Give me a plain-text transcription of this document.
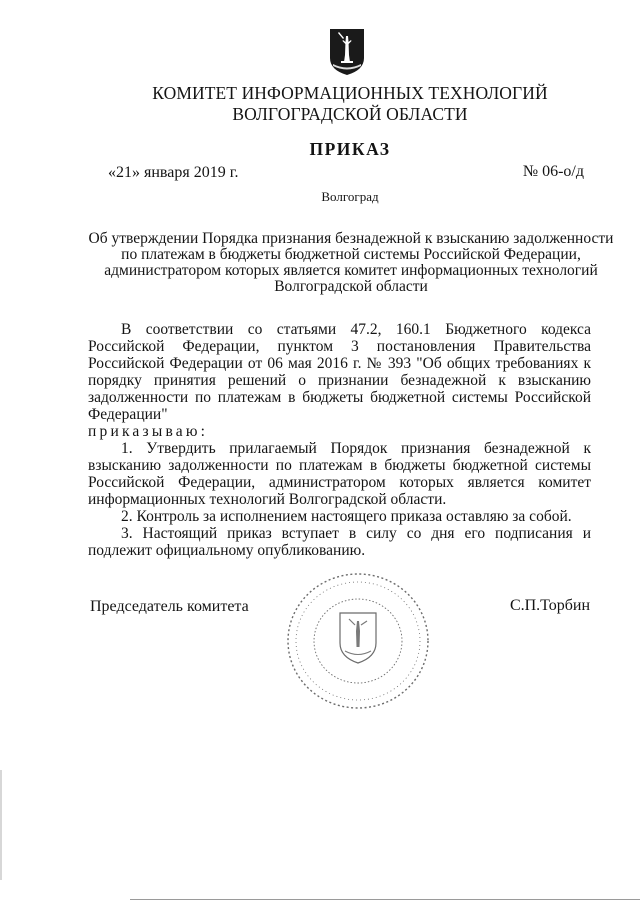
КОМИТЕТ ИНФОРМАЦИОННЫХ ТЕХНОЛОГИЙ
ВОЛГОГРАДСКОЙ ОБЛАСТИ
ПРИКАЗ
«21» января 2019 г.	№ 06-о/д
Волгоград
Об утверждении Порядка признания безнадежной к взысканию задолженности по платежам в бюджеты бюджетной системы Российской Федерации, администратором которых является комитет информационных технологий Волгоградской области

В соответствии со статьями 47.2, 160.1 Бюджетного кодекса Российской Федерации, пунктом 3 постановления Правительства Российской Федерации от 06 мая 2016 г. № 393 "Об общих требованиях к порядку принятия решений о признании безнадежной к взысканию задолженности по платежам в бюджеты бюджетной системы Российской Федерации"

приказываю:

1. Утвердить прилагаемый Порядок признания безнадежной к взысканию задолженности по платежам в бюджеты бюджетной системы Российской Федерации, администратором которых является комитет информационных технологий Волгоградской области.

2. Контроль за исполнением настоящего приказа оставляю за собой.

3. Настоящий приказ вступает в силу со дня его подписания и подлежит официальному опубликованию.

Председатель комитета	С.П.Торбин
